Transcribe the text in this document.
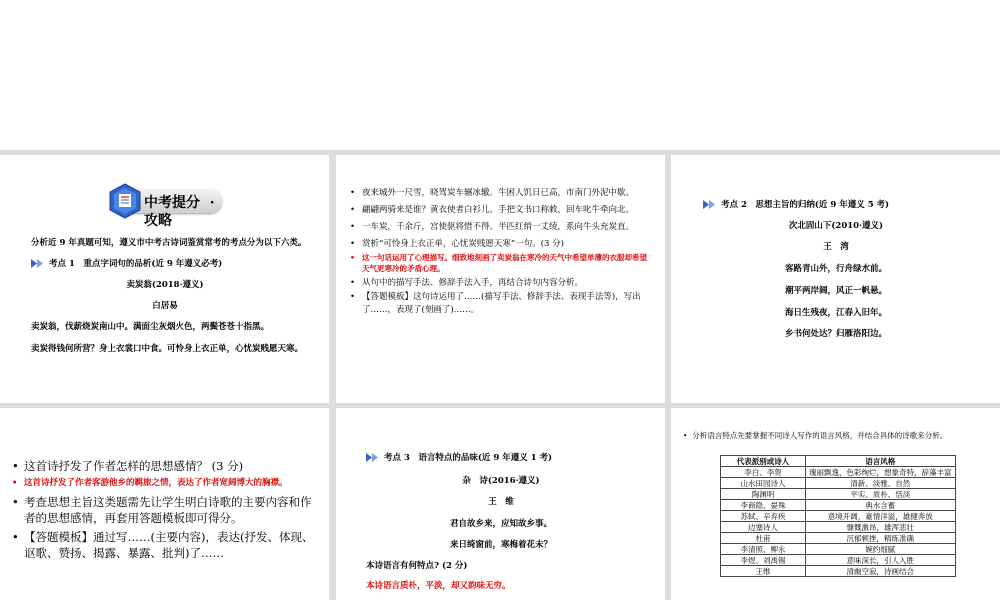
中考提分 ·
攻略
分析近 9 年真题可知，遵义市中考古诗词鉴赏常考的考点分为以下六类。
考点 1　重点字词句的品析(近 9 年遵义必考)
卖炭翁(2018·遵义)
白居易
卖炭翁，伐薪烧炭南山中。满面尘灰烟火色，两鬓苍苍十指黑。
卖炭得钱何所营？身上衣裳口中食。可怜身上衣正单，心忧炭贱愿天寒。
• 夜来城外一尺雪，晓驾炭车辗冰辙。牛困人饥日已高，市南门外泥中歇。
• 翩翩两骑来是谁？黄衣使者白衫儿。手把文书口称敕，回车叱牛牵向北。
• 一车炭，千余斤，宫使驱将惜不得。半匹红绡一丈绫，系向牛头充炭直。
• 赏析“可怜身上衣正单，心忧炭贱愿天寒”一句。(3 分)
• 这一句话运用了心理描写。细致地刻画了卖炭翁在寒冷的天气中希望单薄的衣服却希望天气更寒冷的矛盾心理。
• 从句中的描写手法、修辞手法入手，再结合诗句内容分析。
• 【答题模板】这句诗运用了……(描写手法、修辞手法、表现手法等)，写出了……，表现了(刻画了)……。
考点 2　思想主旨的归纳(近 9 年遵义 5 考)
次北固山下(2010·遵义)
王　湾
客路青山外，行舟绿水前。
潮平两岸阔，风正一帆悬。
海日生残夜，江春入旧年。
乡书何处达？归雁洛阳边。
• 这首诗抒发了作者怎样的思想感情？ (3 分)
• 这首诗抒发了作者客游他乡的羁旅之情，表达了作者宽阔博大的胸襟。
• 考查思想主旨这类题需先让学生明白诗歌的主要内容和作者的思想感情，再套用答题模板即可得分。
• 【答题模板】通过写……(主要内容)，表达(抒发、体现、讴歌、赞扬、揭露、暴露、批判)了……
考点 3　语言特点的品味(近 9 年遵义 1 考)
杂　诗(2016·遵义)
王　维
君自故乡来，应知故乡事。
来日绮窗前，寒梅着花未？
本诗语言有何特点? (2 分)
本诗语言质朴，平淡，却又韵味无穷。
•  分析语言特点先要掌握不同诗人写作的语言风格，并结合具体的诗歌来分析。
代表派别或诗人	语言风格
李白、李贺	瑰丽飘逸，色彩绚烂，想象奇特，辞藻丰富
山水田园诗人	清新、淡雅、自然
陶渊明	平实、质朴、恬淡
李商隐、晏殊	典水含蓄
苏轼、辛弃疾	意境开阔，豪情洋溢，雄健奔放
边塞诗人	慷慨激昂，雄浑悲壮
杜甫	沉郁顿挫，精练准确
李清照、柳永	婉约细腻
李煜、刘禹锡	意味深长，引人入胜
王维	清幽空寂，诗画结合
